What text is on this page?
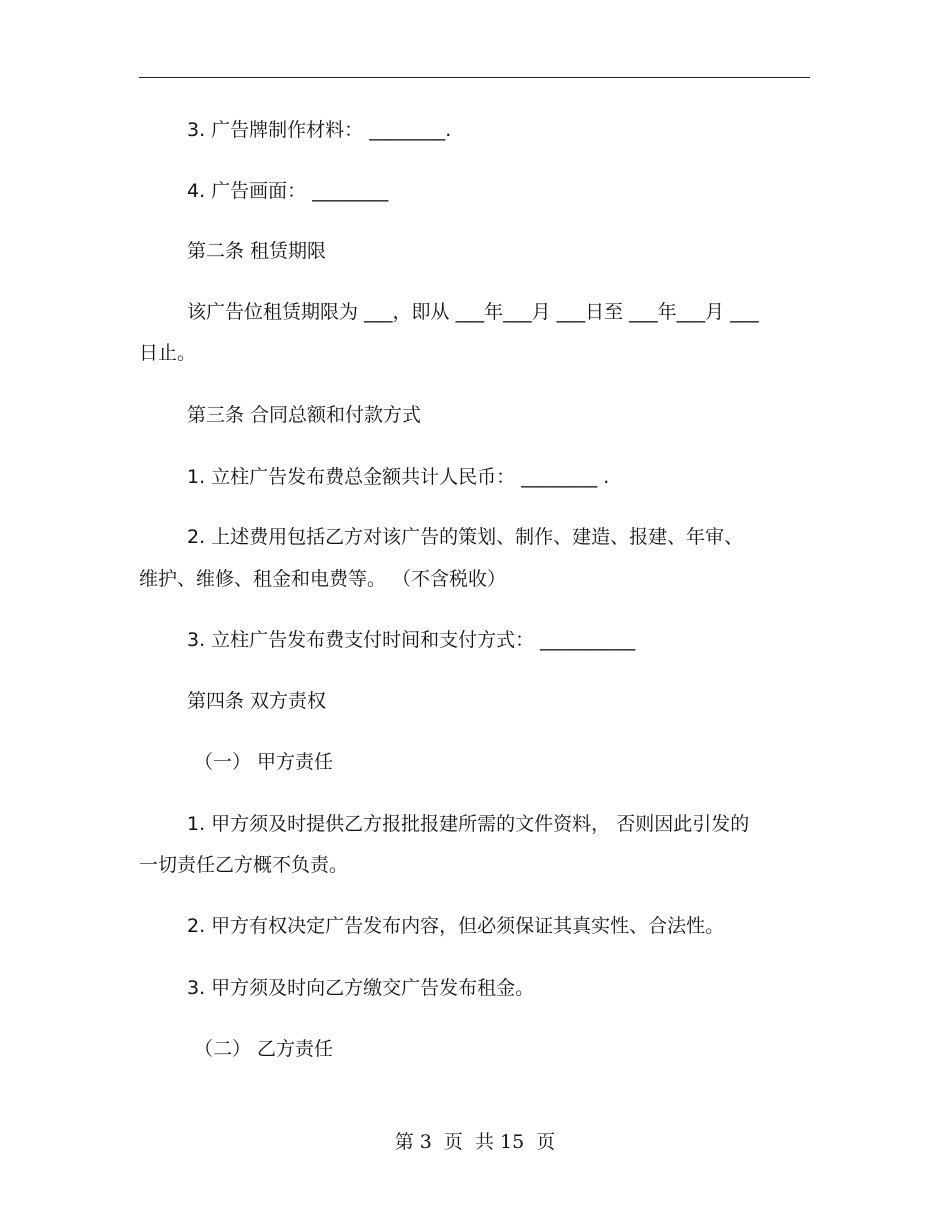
3. 广告牌制作材料： ________.
4. 广告画面： ________
第二条 租赁期限
该广告位租赁期限为 ___，即从 ___年___月 ___日至 ___年___月 ___
日止。
第三条 合同总额和付款方式
1. 立柱广告发布费总金额共计人民币： ________ .
2. 上述费用包括乙方对该广告的策划、制作、建造、报建、年审、
维护、维修、租金和电费等。 （不含税收）
3. 立柱广告发布费支付时间和支付方式： __________
第四条 双方责权
（一） 甲方责任
1. 甲方须及时提供乙方报批报建所需的文件资料， 否则因此引发的
一切责任乙方概不负责。
2. 甲方有权决定广告发布内容，但必须保证其真实性、合法性。
3. 甲方须及时向乙方缴交广告发布租金。
（二） 乙方责任
第 3  页  共 15  页
